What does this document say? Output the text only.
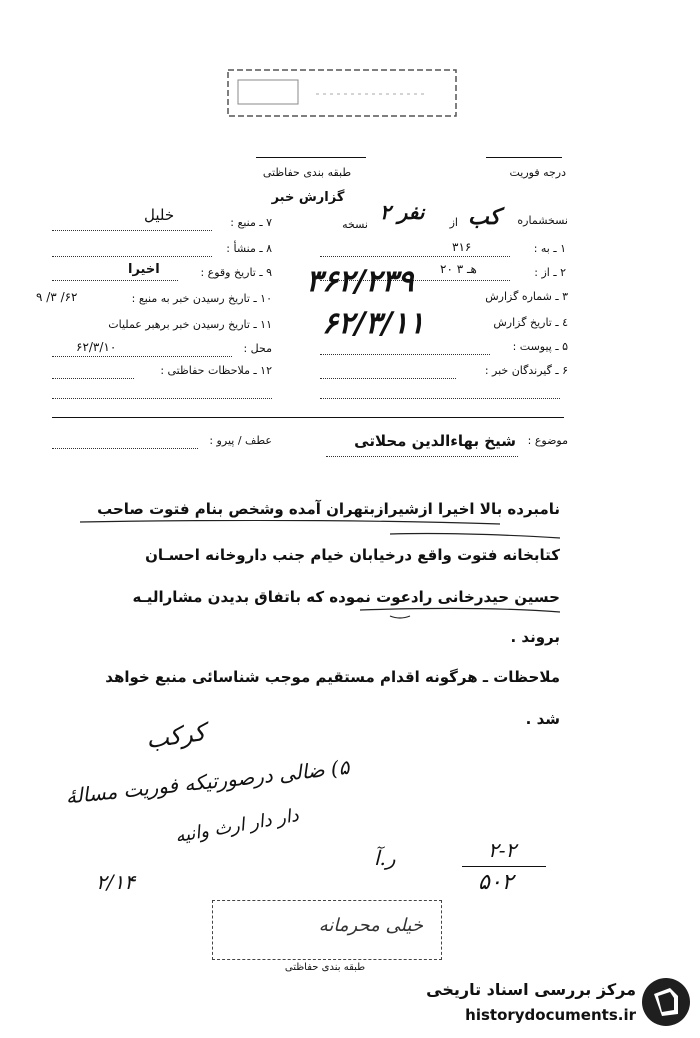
درجه فوریت
طبقه بندی حفاظتی
گزارش خبر
نسخشماره
کب
از
نفر ۲
نسخه
۱ ـ به :
۳۱۶
۲ ـ از :
۲۰ هـ ۳
۳ ـ شماره گزارش
٤ ـ تاریخ گزارش
۳۶۲/۲۳۹
۶۲/۳/۱۱
۵ ـ پیوست :
۶ ـ گیرندگان خبر :
۷ ـ منبع :
خلیل
۸ ـ منشأ :
۹ ـ تاریخ وقوع :
اخیرا
۱۰ ـ تاریخ رسیدن خبر به منبع :
۹ /۳ /۶۲
۱۱ ـ تاریخ رسیدن خبر برهبر عملیات
محل :
۶۲/۳/۱۰
۱۲ ـ ملاحظات حفاظتی :
موضوع :
شیخ بهاءالدین محلاتی
عطف / پیرو :
نامبرده بالا اخیرا ازشیرازبتهران آمده وشخص بنام فتوت صاحب
کتابخانه فتوت واقع درخیابان خیام جنب داروخانه احسـان
حسین حیدرخانی رادعوت نموده که باتفاق بدیدن مشارالیـه
بروند .
ملاحظات ـ هرگونه اقدام مستقیم موجب شناسائی منبع خواهد
شد .
کرکب
۵) ضالی درصورتیکه فوریت مسالۀ
دار دار ارث وانیه
۲/۱۴
ر.آ	۲-۲
۵۰۲
خیلی محرمانه
طبقه بندی حفاظتی
مرکز بررسی اسناد تاریخی
historydocuments.ir
